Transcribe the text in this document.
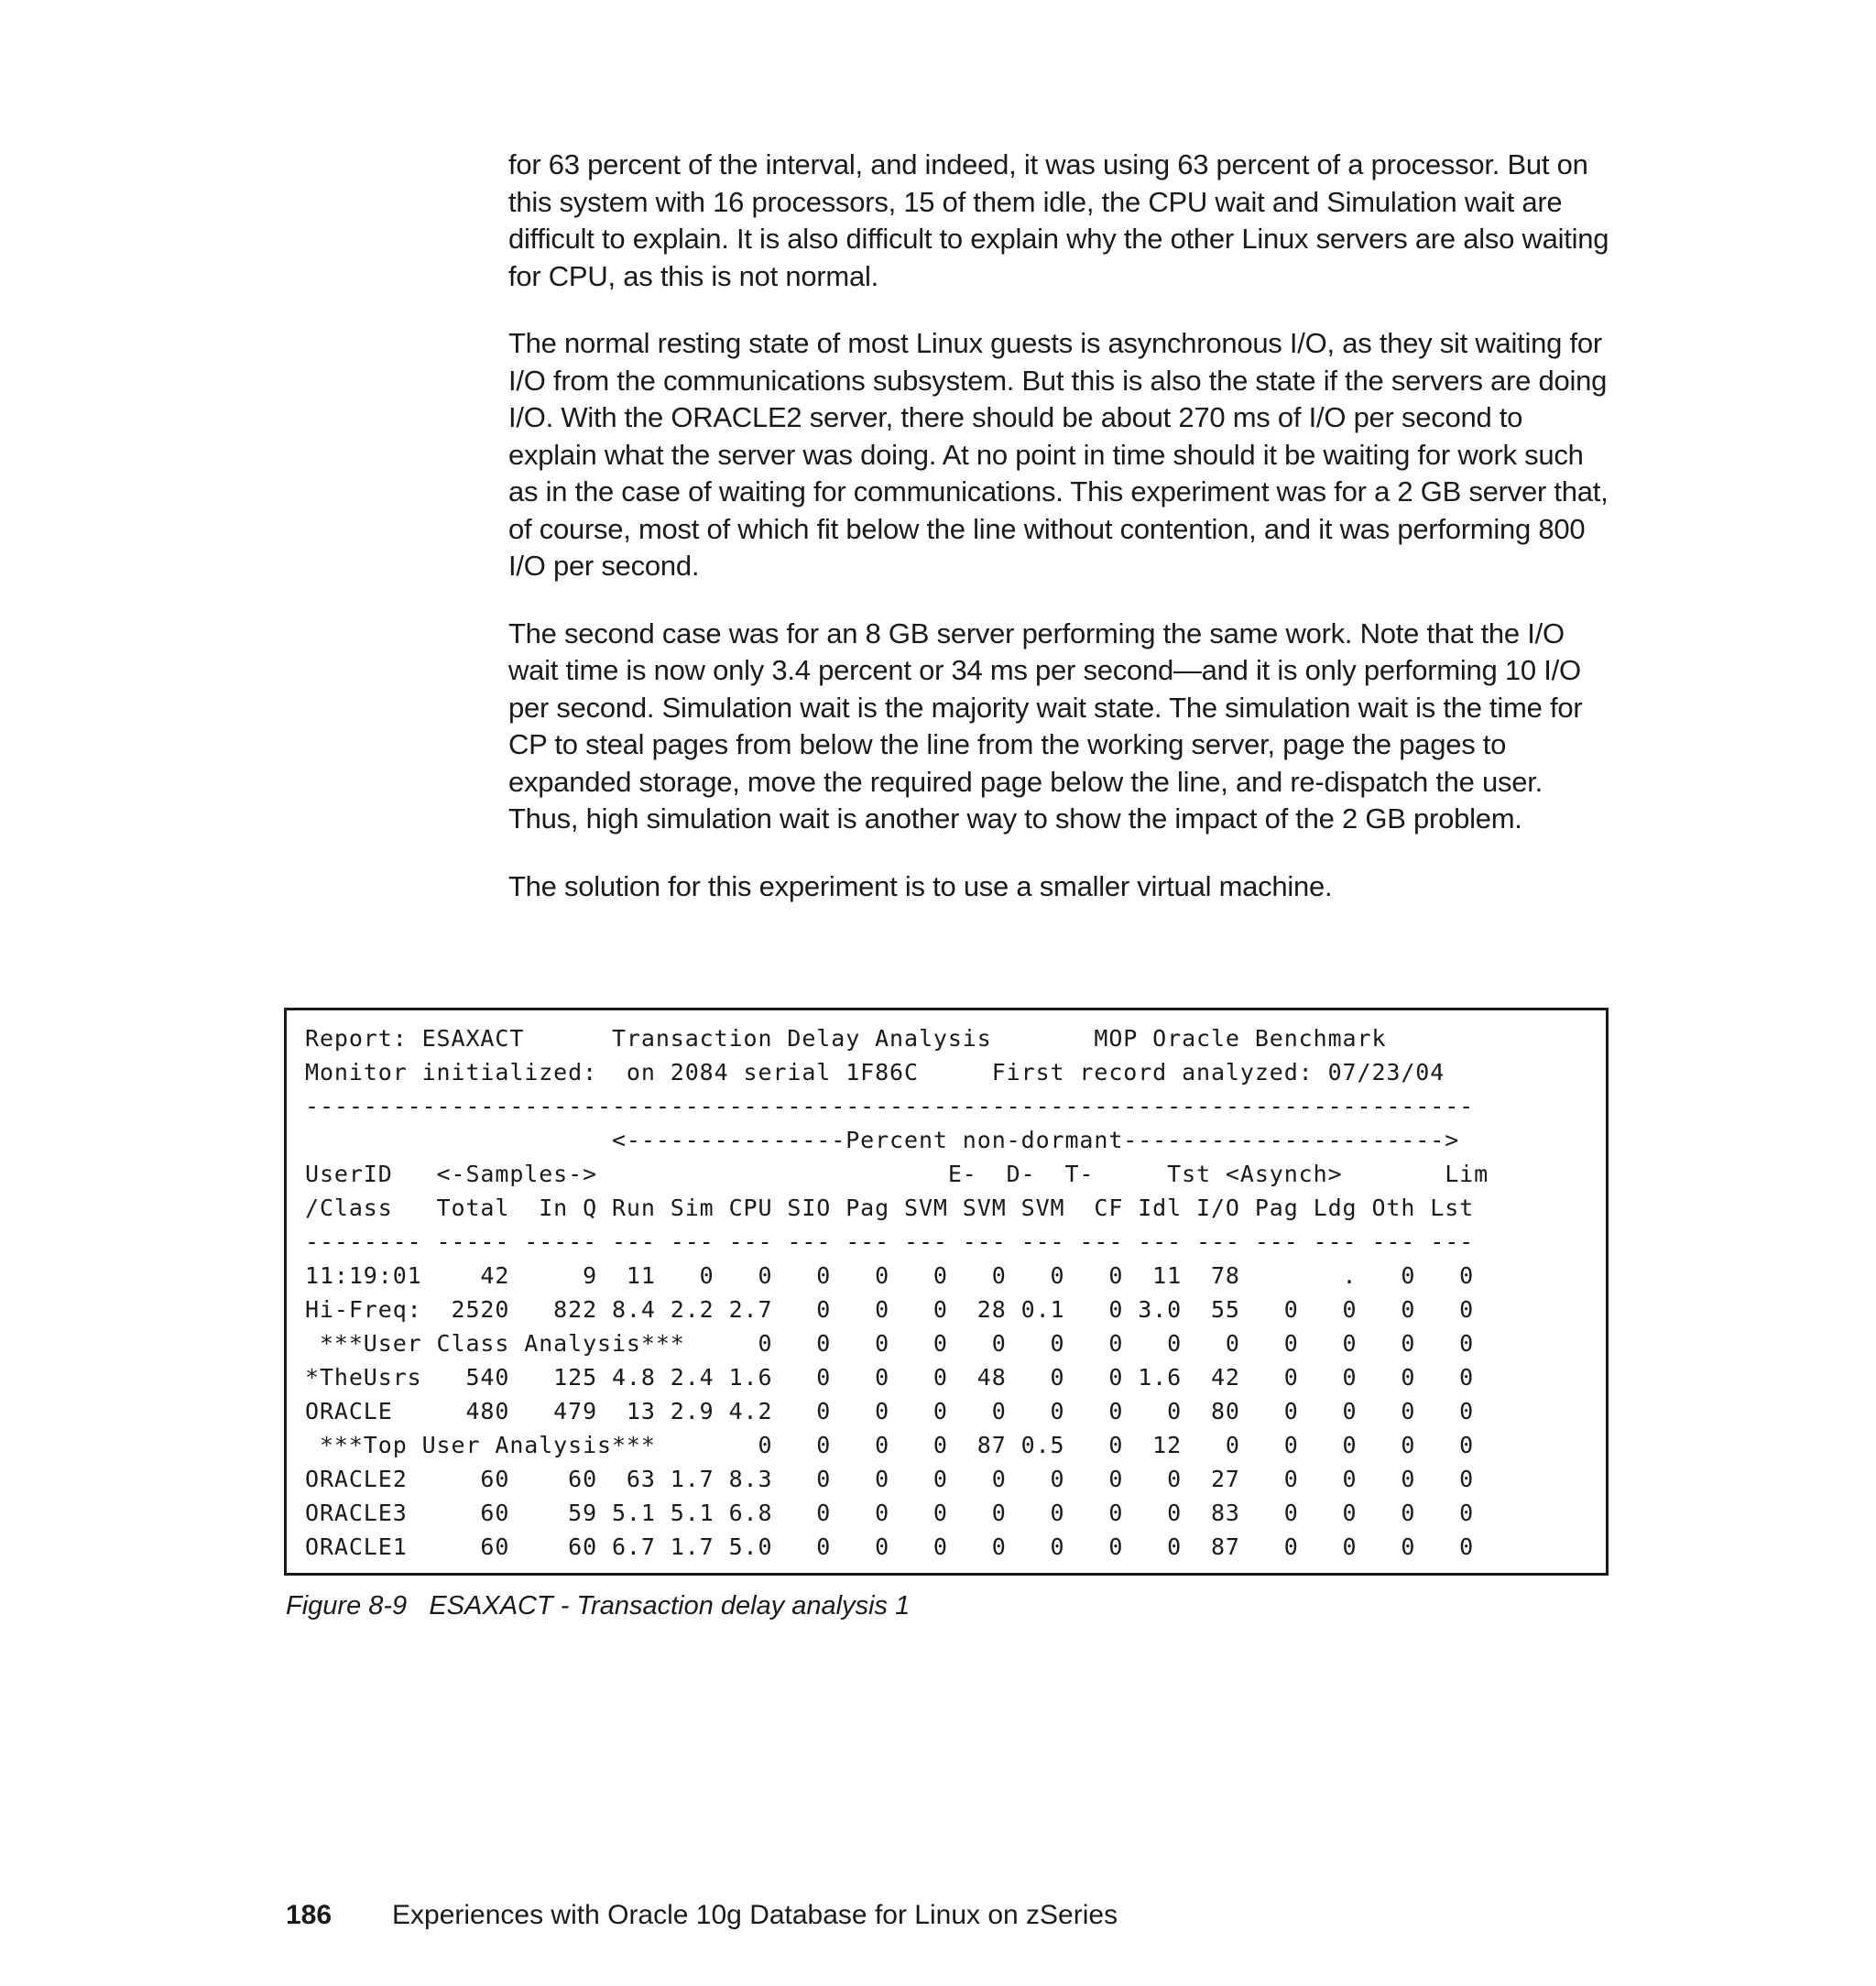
for 63 percent of the interval, and indeed, it was using 63 percent of a processor. But on this system with 16 processors, 15 of them idle, the CPU wait and Simulation wait are difficult to explain. It is also difficult to explain why the other Linux servers are also waiting for CPU, as this is not normal.

The normal resting state of most Linux guests is asynchronous I/O, as they sit waiting for I/O from the communications subsystem. But this is also the state if the servers are doing I/O. With the ORACLE2 server, there should be about 270 ms of I/O per second to explain what the server was doing. At no point in time should it be waiting for work such as in the case of waiting for communications. This experiment was for a 2 GB server that, of course, most of which fit below the line without contention, and it was performing 800 I/O per second.

The second case was for an 8 GB server performing the same work. Note that the I/O wait time is now only 3.4 percent or 34 ms per second—and it is only performing 10 I/O per second. Simulation wait is the majority wait state. The simulation wait is the time for CP to steal pages from below the line from the working server, page the pages to expanded storage, move the required page below the line, and re-dispatch the user. Thus, high simulation wait is another way to show the impact of the 2 GB problem.

The solution for this experiment is to use a smaller virtual machine.

Report: ESAXACT      Transaction Delay Analysis       MOP Oracle Benchmark
Monitor initialized:  on 2084 serial 1F86C     First record analyzed: 07/23/04
--------------------------------------------------------------------------------
<---------------Percent non-dormant---------------------->
UserID   <-Samples->                        E-  D-  T-     Tst <Asynch>       Lim
/Class   Total  In Q Run Sim CPU SIO Pag SVM SVM SVM  CF Idl I/O Pag Ldg Oth Lst
-------- ----- ----- --- --- --- --- --- --- --- --- --- --- --- --- --- --- ---
11:19:01    42     9  11   0   0   0   0   0   0   0   0  11  78       .   0   0
Hi-Freq:  2520   822 8.4 2.2 2.7   0   0   0  28 0.1   0 3.0  55   0   0   0   0
***User Class Analysis***     0   0   0   0   0   0   0   0   0   0   0   0   0
*TheUsrs   540   125 4.8 2.4 1.6   0   0   0  48   0   0 1.6  42   0   0   0   0
ORACLE     480   479  13 2.9 4.2   0   0   0   0   0   0   0  80   0   0   0   0
***Top User Analysis***       0   0   0   0  87 0.5   0  12   0   0   0   0   0
ORACLE2     60    60  63 1.7 8.3   0   0   0   0   0   0   0  27   0   0   0   0
ORACLE3     60    59 5.1 5.1 6.8   0   0   0   0   0   0   0  83   0   0   0   0
ORACLE1     60    60 6.7 1.7 5.0   0   0   0   0   0   0   0  87   0   0   0   0
Figure 8-9   ESAXACT - Transaction delay analysis 1
186 Experiences with Oracle 10g Database for Linux on zSeries
